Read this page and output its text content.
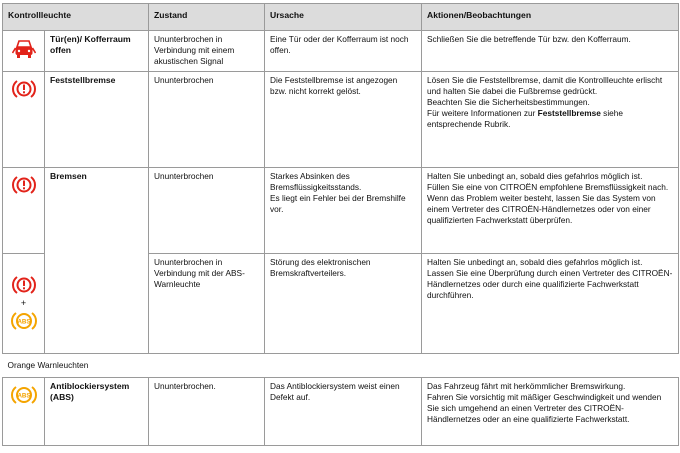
Kontrollleuchte		Zustand	Ursache	Aktionen/Beobachtungen

	Tür(en)/ Kofferraum offen	Ununterbrochen in Verbindung mit einem akustischen Signal	Eine Tür oder der Kofferraum ist noch offen.	Schließen Sie die betreffende Tür bzw. den Kofferraum.

	Feststellbremse	Ununterbrochen	Die Feststellbremse ist angezogen bzw. nicht korrekt gelöst.	Lösen Sie die Feststellbremse, damit die Kontrollleuchte erlischt und halten Sie dabei die Fußbremse gedrückt.
Beachten Sie die Sicherheitsbestimmungen.
Für weitere Informationen zur Feststellbremse siehe entsprechende Rubrik.

	Bremsen	Ununterbrochen	Starkes Absinken des Bremsflüssigkeitsstands.
Es liegt ein Fehler bei der Bremshilfe vor.	Halten Sie unbedingt an, sobald dies gefahrlos möglich ist.
Füllen Sie eine von CITROËN empfohlene Bremsflüssigkeit nach.
Wenn das Problem weiter besteht, lassen Sie das System von einem Vertreter des CITROËN-Händlernetzes oder von einer qualifizierten Fachwerkstatt überprüfen.

+
ABS		Ununterbrochen in Verbindung mit der ABS-Warnleuchte	Störung des elektronischen Bremskraftverteilers.	Halten Sie unbedingt an, sobald dies gefahrlos möglich ist.
Lassen Sie eine Überprüfung durch einen Vertreter des CITROËN-Händlernetzes oder durch eine qualifizierte Fachwerkstatt durchführen.
Orange Warnleuchten				

ABS	Antiblockiersystem (ABS)	Ununterbrochen.	Das Antiblockiersystem weist einen Defekt auf.	Das Fahrzeug fährt mit herkömmlicher Bremswirkung.
Fahren Sie vorsichtig mit mäßiger Geschwindigkeit und wenden Sie sich umgehend an einen Vertreter des CITROËN-Händlernetzes oder an eine qualifizierte Fachwerkstatt.
